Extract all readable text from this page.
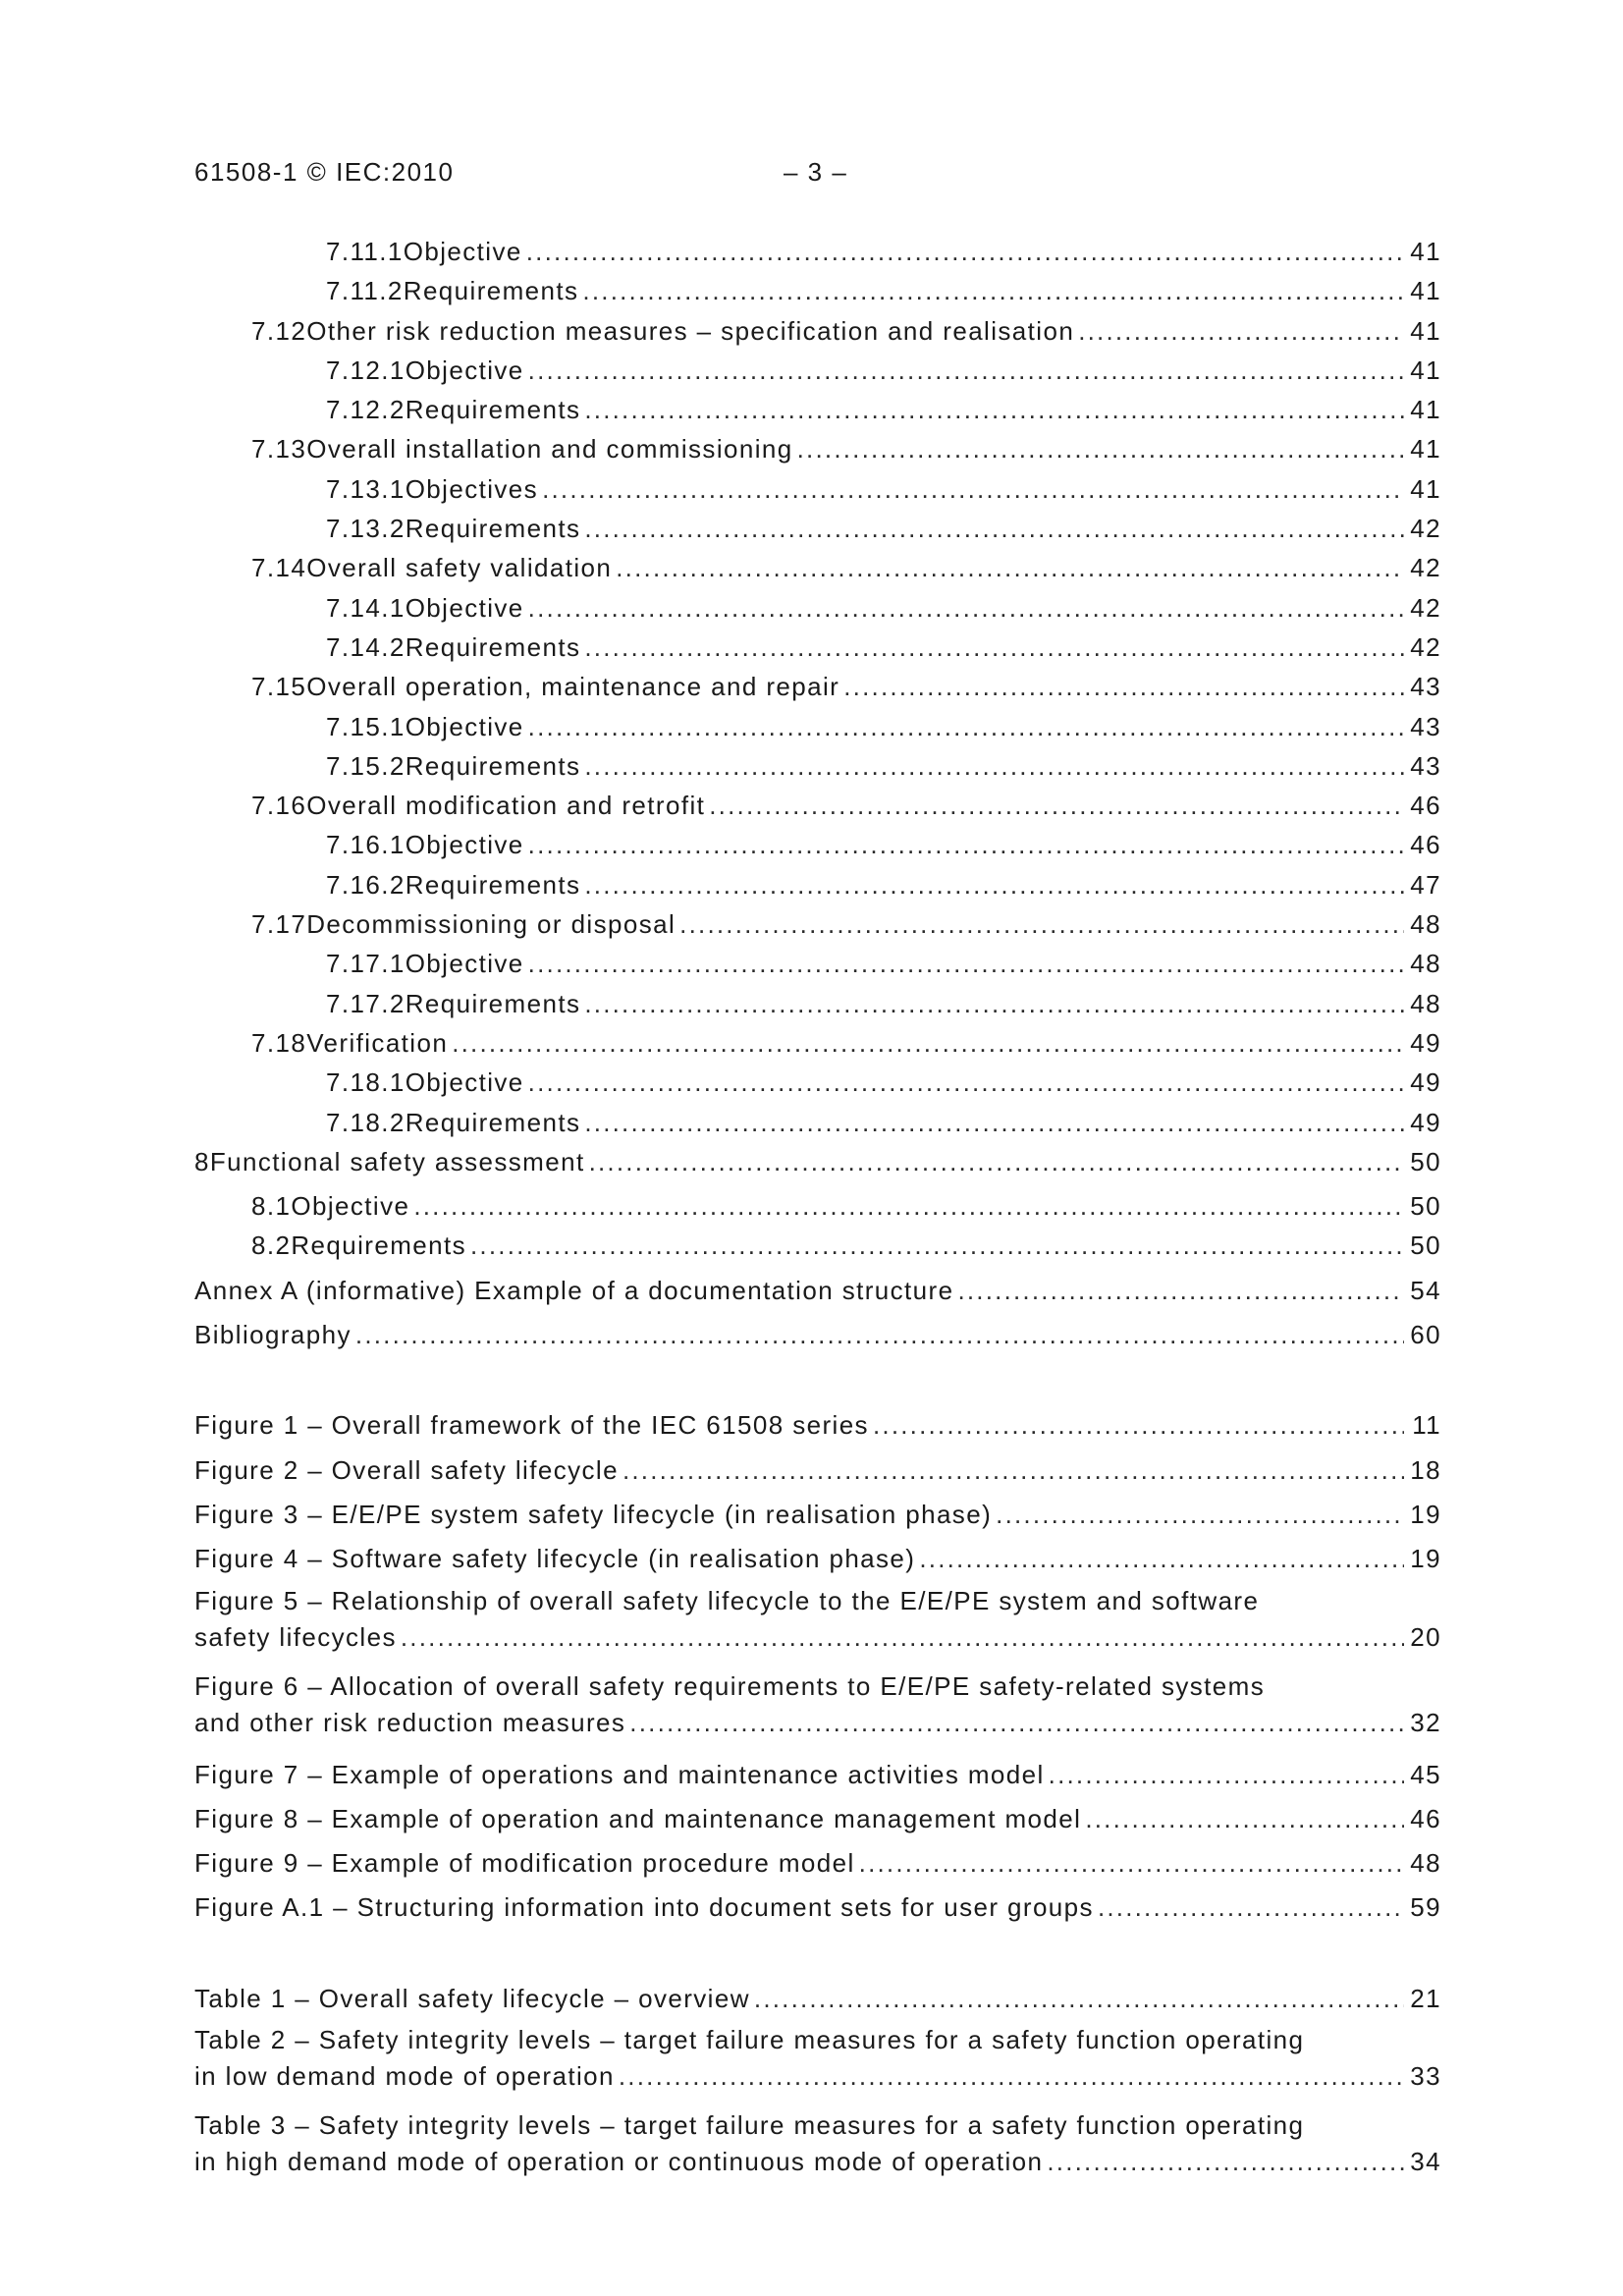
61508-1 © IEC:2010	– 3 –
7.11.1 Objective .....	41
7.11.2 Requirements .....	41
7.12 Other risk reduction measures – specification and realisation .....	41
7.12.1 Objective .....	41
7.12.2 Requirements .....	41
7.13 Overall installation and commissioning .....	41
7.13.1 Objectives .....	41
7.13.2 Requirements .....	42
7.14 Overall safety validation .....	42
7.14.1 Objective .....	42
7.14.2 Requirements .....	42
7.15 Overall operation, maintenance and repair .....	43
7.15.1 Objective .....	43
7.15.2 Requirements .....	43
7.16 Overall modification and retrofit .....	46
7.16.1 Objective .....	46
7.16.2 Requirements .....	47
7.17 Decommissioning or disposal .....	48
7.17.1 Objective .....	48
7.17.2 Requirements .....	48
7.18 Verification .....	49
7.18.1 Objective .....	49
7.18.2 Requirements .....	49
8 Functional safety assessment .....	50
8.1 Objective .....	50
8.2 Requirements .....	50
Annex A (informative) Example of a documentation structure .....	54
Bibliography .....	60
Figure 1 – Overall framework of the IEC 61508 series .....	11
Figure 2 – Overall safety lifecycle .....	18
Figure 3 – E/E/PE system safety lifecycle (in realisation phase) .....	19
Figure 4 – Software safety lifecycle (in realisation phase) .....	19
Figure 5 – Relationship of overall safety lifecycle to the E/E/PE system and software
safety lifecycles .....	20
Figure 6 – Allocation of overall safety requirements to E/E/PE safety-related systems
and other risk reduction measures .....	32
Figure 7 – Example of operations and maintenance activities model .....	45
Figure 8 – Example of operation and maintenance management model .....	46
Figure 9 – Example of modification procedure model .....	48
Figure A.1 – Structuring information into document sets for user groups .....	59
Table 1 – Overall safety lifecycle – overview .....	21
Table 2 – Safety integrity levels – target failure measures for a safety function operating
in low demand mode of operation .....	33
Table 3 – Safety integrity levels – target failure measures for a safety function operating
in high demand mode of operation or continuous mode of operation .....	34
